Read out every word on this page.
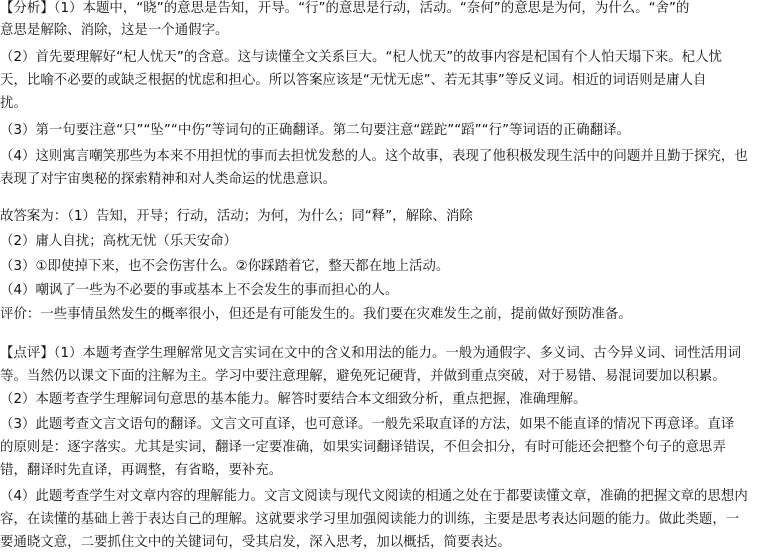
【分析】（1）本题中，“晓”的意思是告知，开导。“行”的意思是行动，活动。“奈何”的意思是为何，为什么。“舍”的
意思是解除、消除，这是一个通假字。
（2）首先要理解好“杞人忧天”的含意。这与读懂全文关系巨大。“杞人忧天”的故事内容是杞国有个人怕天塌下来。杞人忧
天，比喻不必要的或缺乏根据的忧虑和担心。所以答案应该是“无忧无虑”、若无其事”等反义词。相近的词语则是庸人自
扰。
（3）第一句要注意“只”“坠”“中伤”等词句的正确翻译。第二句要注意“蹉跎”“蹈”“行”等词语的正确翻译。
（4）这则寓言嘲笑那些为本来不用担忧的事而去担忧发愁的人。这个故事，表现了他积极发现生活中的问题并且勤于探究，也
表现了对宇宙奥秘的探索精神和对人类命运的忧患意识。
故答案为：（1）告知，开导；行动，活动；为何，为什么；同“释”，解除、消除
（2）庸人自扰；高枕无忧（乐天安命）
（3）①即使掉下来，也不会伤害什么。②你踩踏着它，整天都在地上活动。
（4）嘲讽了一些为不必要的事或基本上不会发生的事而担心的人。
评价：一些事情虽然发生的概率很小，但还是有可能发生的。我们要在灾难发生之前，提前做好预防准备。
【点评】（1）本题考查学生理解常见文言实词在文中的含义和用法的能力。一般为通假字、多义词、古今异义词、词性活用词
等。当然仍以课文下面的注解为主。学习中要注意理解，避免死记硬背，并做到重点突破，对于易错、易混词要加以积累。
（2）本题考查学生理解词句意思的基本能力。解答时要结合本文细致分析，重点把握，准确理解。
（3）此题考查文言文语句的翻译。文言文可直译，也可意译。一般先采取直译的方法，如果不能直译的情况下再意译。直译
的原则是：逐字落实。尤其是实词，翻译一定要准确，如果实词翻译错误，不但会扣分，有时可能还会把整个句子的意思弄
错，翻译时先直译，再调整，有省略，要补充。
（4）此题考查学生对文章内容的理解能力。文言文阅读与现代文阅读的相通之处在于都要读懂文章，准确的把握文章的思想内
容，在读懂的基础上善于表达自己的理解。这就要求学习里加强阅读能力的训练，主要是思考表达问题的能力。做此类题，一
要通晓文意，二要抓住文中的关键词句，受其启发，深入思考，加以概括，简要表达。
